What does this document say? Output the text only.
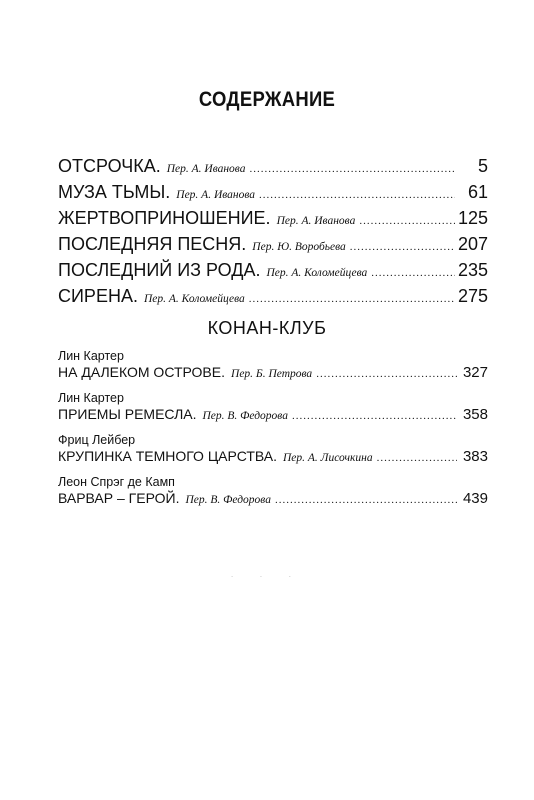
СОДЕРЖАНИЕ
ОТСРОЧКА. Пер. А. Иванова .....	5
МУЗА ТЬМЫ. Пер. А. Иванова .....	61
ЖЕРТВОПРИНОШЕНИЕ. Пер. А. Иванова .....	125
ПОСЛЕДНЯЯ ПЕСНЯ. Пер. Ю. Воробьева .....	207
ПОСЛЕДНИЙ ИЗ РОДА. Пер. А. Коломейцева .....	235
СИРЕНА. Пер. А. Коломейцева .....	275
КОНАН-КЛУБ
Лин Картер
НА ДАЛЕКОМ ОСТРОВЕ. Пер. Б. Петрова .....	327
Лин Картер
ПРИЕМЫ РЕМЕСЛА. Пер. В. Федорова .....	358
Фриц Лейбер
КРУПИНКА ТЕМНОГО ЦАРСТВА. Пер. А. Лисочкина .....	383
Леон Спрэг де Камп
ВАРВАР – ГЕРОЙ. Пер. В. Федорова .....	439
· · ·
